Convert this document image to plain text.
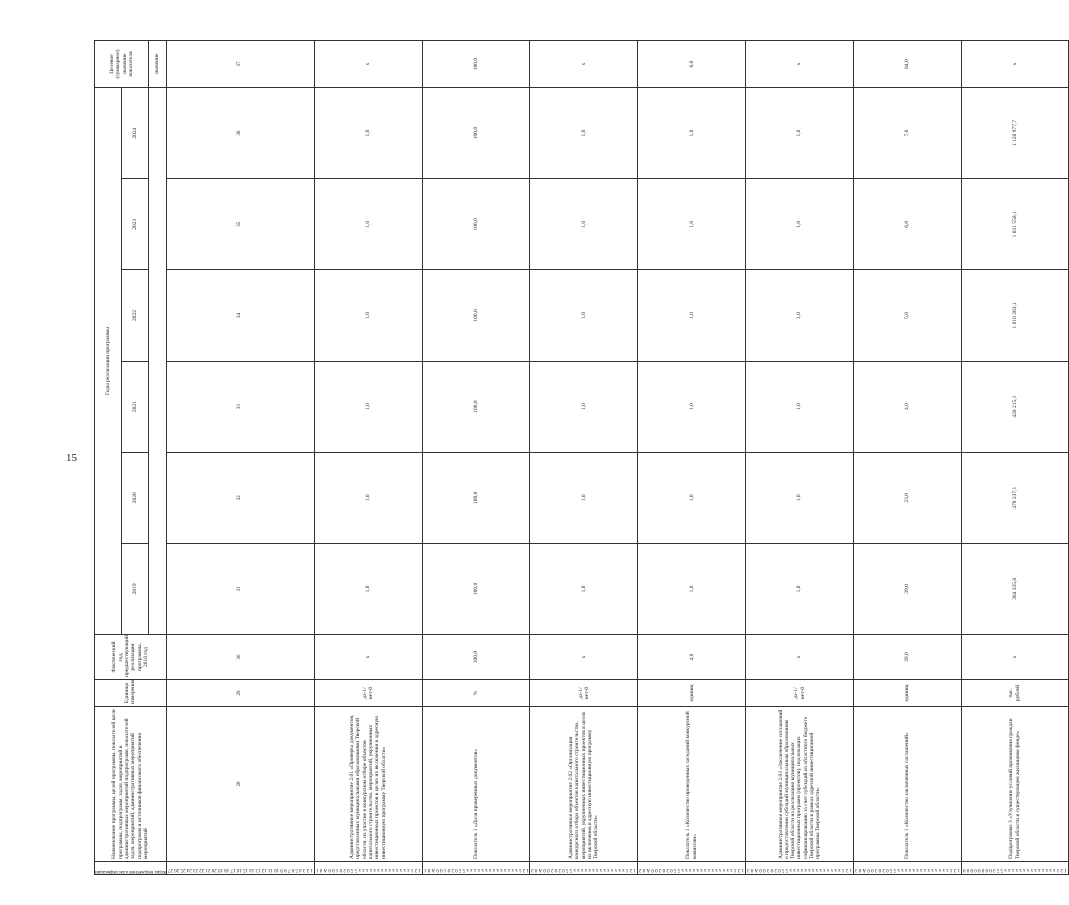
15
Коды бюджетной классификации	Наименование программы, целей программы, показателей цели программы, подпрограмм, задач, мероприятий и административных мероприятий подпрограмм, показателей задач, мероприятий, административных мероприятий подпрограмм и источников финансового обеспечения мероприятий	Единица измерения	Фактический год, предшествующий реализации программы, 2018 год	Годы реализации программы						Целевое (суммарное) значение показателя
				2019	2020	2021	2022	2023	2024	
										значение

1 2 3 4 5 6 7 8 9 10 11 12 13 14 15 16 17 18 19 20 21 22 23 24 25 26 27	28	29	30	31	32	33	34	35	36	37

1 2 1 х х х х х х х х х х х х х х 5 5 0 2 0 1 0 0 А 0 1	Административное мероприятие 2.01 «Проверка документов, представленных муниципальными образованиями Тверской области, на участие в конкурсном отборе объектов капитального строительства, мероприятий, укрупненных инвестиционных проектов в целях их включения в адресную инвестиционную программу Тверской области»	да-1/ нет-0	х	1,0	1,0	1,0	1,0	1,0	1,0	х

1 2 1 х х х х х х х х х х х х х х 5 5 0 2 0 1 0 0 А 0 1	Показатель 1 «Доля проверенных документов»	%	100,0	100,0	100,0	100,0	100,0	100,0	100,0	100,0

1 2 1 х х х х х х х х х х х х х х 5 5 0 2 0 2 0 0 А 0 2	Административное мероприятие 2.02 «Организация конкурсного отбора объектов капитального строительства, мероприятий, укрупненных инвестиционных проектов в целях их включения в адресную инвестиционную программу Тверской области»	да-1/ нет-0	х	1,0	1,0	1,0	1,0	1,0	1,0	х

1 2 1 х х х х х х х х х х х х х х 5 5 0 2 0 2 0 0 А 0 2	Показатель 1 «Количество проведенных заседаний конкурсной комиссии»	единиц	4,0	1,0	1,0	1,0	1,0	1,0	1,0	6,0

1 2 1 х х х х х х х х х х х х х х 5 5 0 2 0 3 0 0 А 0 3	Административное мероприятие 2.03 «Заключение соглашений о предоставлении субсидий муниципальным образованиям Тверской области на реализацию муниципальных инвестиционных программ (проектов), подлежащих софинансированию за счет субсидий из областного бюджета Тверской области в рамках адресной инвестиционной программы Тверской области»	да-1/ нет-0	х	1,0	1,0	1,0	1,0	1,0	1,0	х

1 2 1 х х х х х х х х х х х х х х 5 5 0 2 0 3 0 0 А 0 3	Показатель 1 «Количество заключенных соглашений»	единиц	39,0	39,0	23,0	4,0	5,0	6,0	7,0	84,0

1 2 1 х х х х х х х х х х х х х х 5 5 3 0 0 0 0 0 0 0 0	Подпрограмма 3 «Улучшение условий проживания граждан Тверской области в существующем жилищном фонде»	тыс. рублей	х	364 335,8	470 237,1	428 215,1	1 010 263,1	1 031 558,1	1 128 977,7	х
